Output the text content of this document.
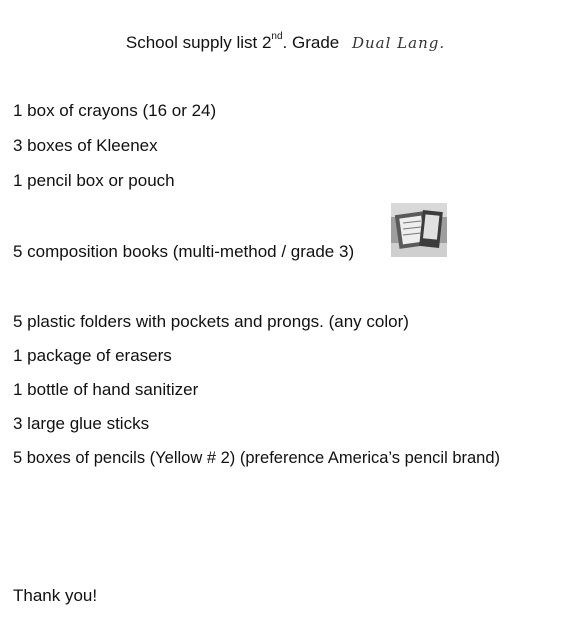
School supply list 2nd. Grade Dual Lang.
1 box of crayons (16 or 24)
3 boxes of Kleenex
1 pencil box or pouch
5 composition books (multi-method / grade 3)
5 plastic folders with pockets and prongs. (any color)
1 package of erasers
1 bottle of hand sanitizer
3 large glue sticks
5 boxes of pencils (Yellow # 2) (preference America’s pencil brand)
Thank you!
